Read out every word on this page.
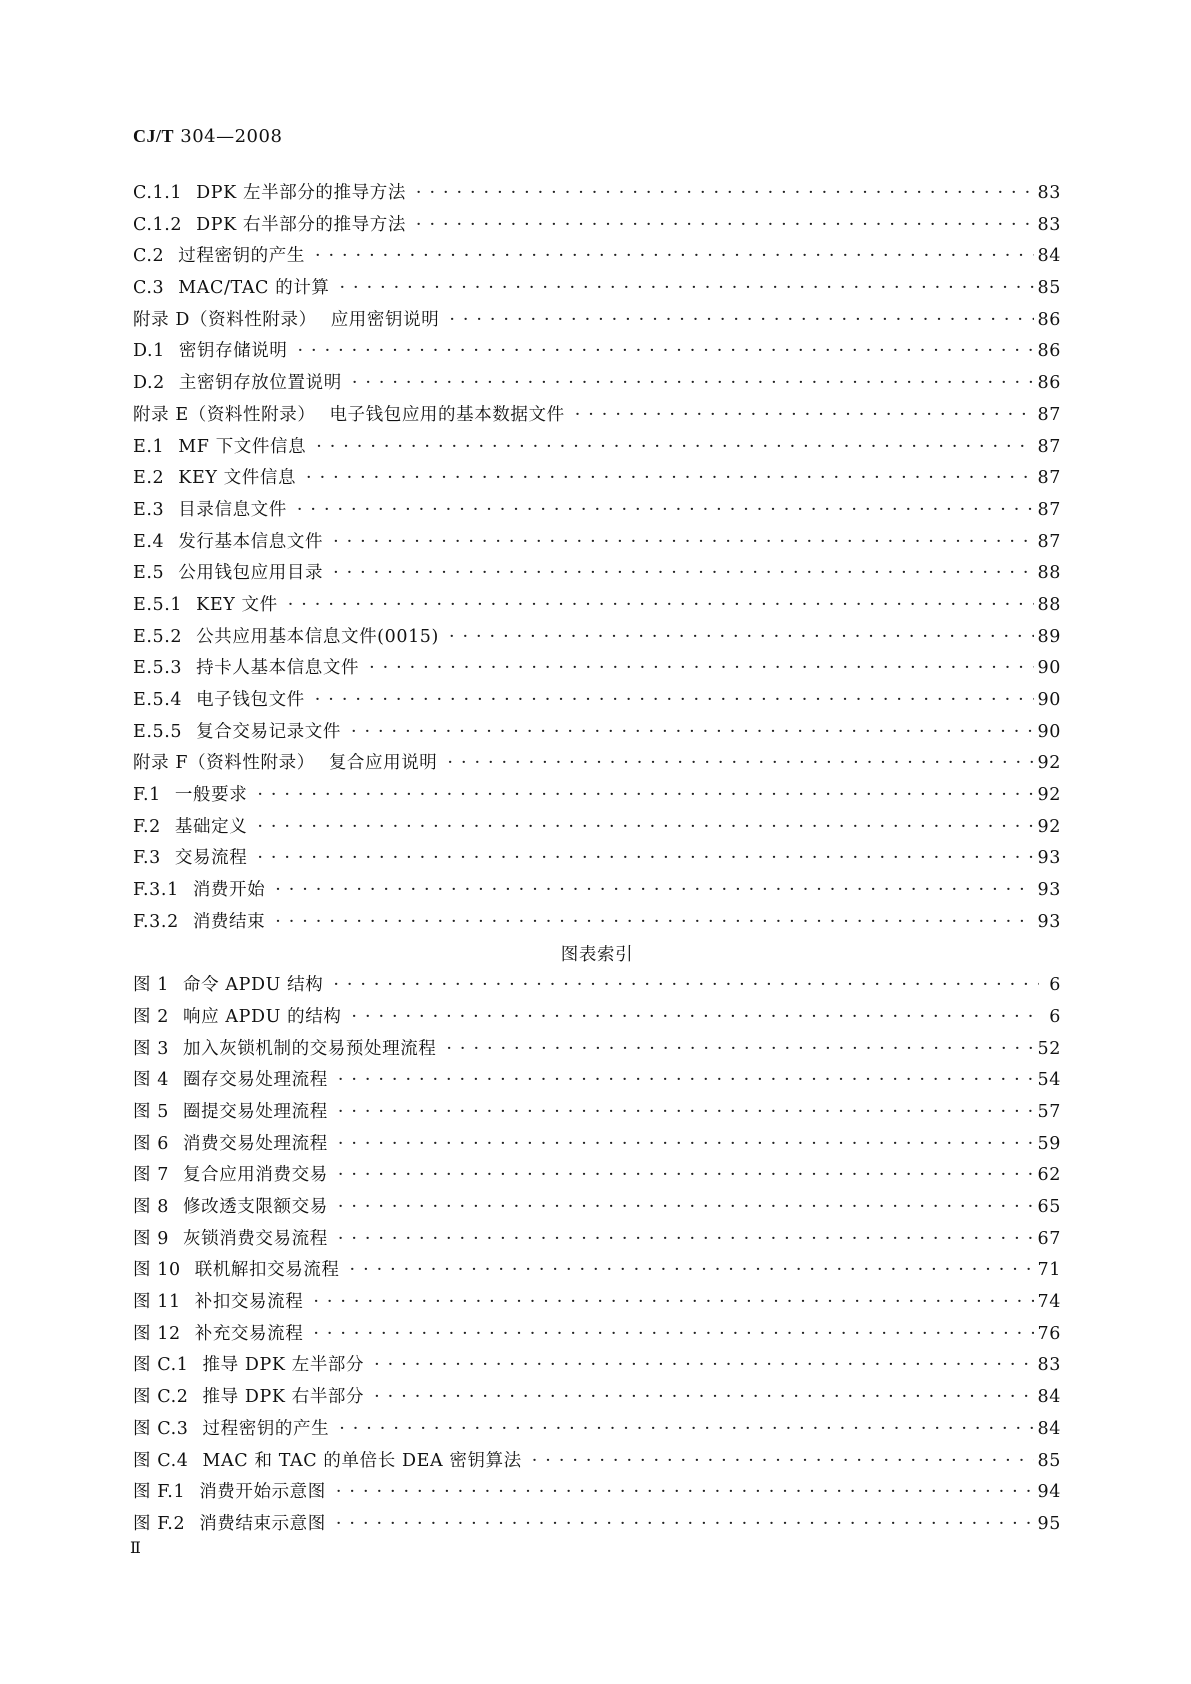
CJ/T 304—2008
C.1.1 DPK 左半部分的推导方法 · · ·	83
C.1.2 DPK 右半部分的推导方法 · · ·	83
C.2 过程密钥的产生 · · ·	84
C.3 MAC/TAC 的计算 · · ·	85
附录 D（资料性附录） 应用密钥说明 · · ·	86
D.1 密钥存储说明 · · ·	86
D.2 主密钥存放位置说明 · · ·	86
附录 E（资料性附录） 电子钱包应用的基本数据文件 · · ·	87
E.1 MF 下文件信息 · · ·	87
E.2 KEY 文件信息 · · ·	87
E.3 目录信息文件 · · ·	87
E.4 发行基本信息文件 · · ·	87
E.5 公用钱包应用目录 · · ·	88
E.5.1 KEY 文件 · · ·	88
E.5.2 公共应用基本信息文件(0015) · · ·	89
E.5.3 持卡人基本信息文件 · · ·	90
E.5.4 电子钱包文件 · · ·	90
E.5.5 复合交易记录文件 · · ·	90
附录 F（资料性附录） 复合应用说明 · · ·	92
F.1 一般要求 · · ·	92
F.2 基础定义 · · ·	92
F.3 交易流程 · · ·	93
F.3.1 消费开始 · · ·	93
F.3.2 消费结束 · · ·	93
图表索引
图 1 命令 APDU 结构 · · ·	6
图 2 响应 APDU 的结构 · · ·	6
图 3 加入灰锁机制的交易预处理流程 · · ·	52
图 4 圈存交易处理流程 · · ·	54
图 5 圈提交易处理流程 · · ·	57
图 6 消费交易处理流程 · · ·	59
图 7 复合应用消费交易 · · ·	62
图 8 修改透支限额交易 · · ·	65
图 9 灰锁消费交易流程 · · ·	67
图 10 联机解扣交易流程 · · ·	71
图 11 补扣交易流程 · · ·	74
图 12 补充交易流程 · · ·	76
图 C.1 推导 DPK 左半部分 · · ·	83
图 C.2 推导 DPK 右半部分 · · ·	84
图 C.3 过程密钥的产生 · · ·	84
图 C.4 MAC 和 TAC 的单倍长 DEA 密钥算法 · · ·	85
图 F.1 消费开始示意图 · · ·	94
图 F.2 消费结束示意图 · · ·	95
Ⅱ
